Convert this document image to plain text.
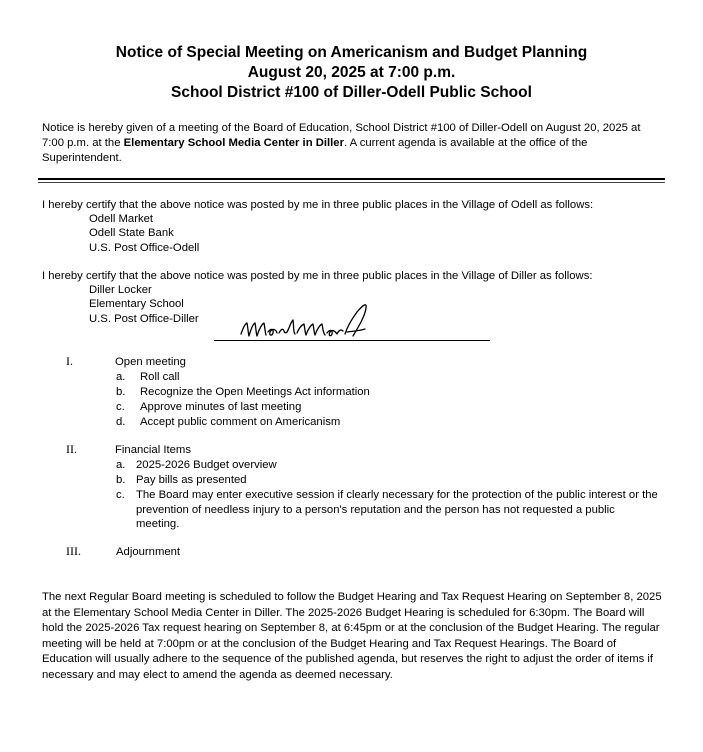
Notice of Special Meeting on Americanism and Budget Planning
August 20, 2025 at 7:00 p.m.
School District #100 of Diller-Odell Public School
Notice is hereby given of a meeting of the Board of Education, School District #100 of Diller-Odell on August 20, 2025 at 7:00 p.m. at the Elementary School Media Center in Diller. A current agenda is available at the office of the Superintendent.
I hereby certify that the above notice was posted by me in three public places in the Village of Odell as follows:
Odell Market
Odell State Bank
U.S. Post Office-Odell
I hereby certify that the above notice was posted by me in three public places in the Village of Diller as follows:
Diller Locker
Elementary School
U.S. Post Office-Diller
I.	Open meeting
a. Roll call
b. Recognize the Open Meetings Act information
c. Approve minutes of last meeting
d. Accept public comment on Americanism
II.	Financial Items
a. 2025-2026 Budget overview
b. Pay bills as presented
c. The Board may enter executive session if clearly necessary for the protection of the public interest or the prevention of needless injury to a person's reputation and the person has not requested a public meeting.
III.	Adjournment
The next Regular Board meeting is scheduled to follow the Budget Hearing and Tax Request Hearing on September 8, 2025 at the Elementary School Media Center in Diller. The 2025-2026 Budget Hearing is scheduled for 6:30pm. The Board will hold the 2025-2026 Tax request hearing on September 8, at 6:45pm or at the conclusion of the Budget Hearing. The regular meeting will be held at 7:00pm or at the conclusion of the Budget Hearing and Tax Request Hearings. The Board of Education will usually adhere to the sequence of the published agenda, but reserves the right to adjust the order of items if necessary and may elect to amend the agenda as deemed necessary.
